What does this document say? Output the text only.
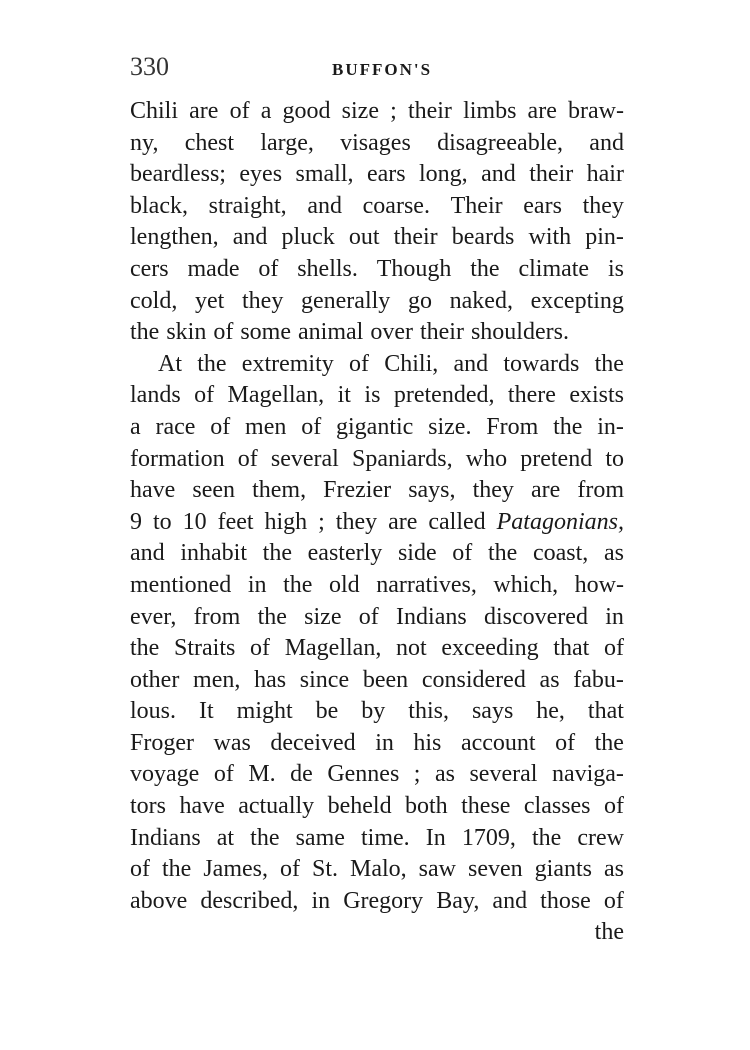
330	BUFFON'S
Chili are of a good size ; their limbs are braw-
ny, chest large, visages disagreeable, and
beardless; eyes small, ears long, and their hair
black, straight, and coarse. Their ears they
lengthen, and pluck out their beards with pin-
cers made of shells. Though the climate is
cold, yet they generally go naked, excepting
the skin of some animal over their shoulders.
At the extremity of Chili, and towards the
lands of Magellan, it is pretended, there exists
a race of men of gigantic size. From the in-
formation of several Spaniards, who pretend to
have seen them, Frezier says, they are from
9 to 10 feet high ; they are called Patagonians,
and inhabit the easterly side of the coast, as
mentioned in the old narratives, which, how-
ever, from the size of Indians discovered in
the Straits of Magellan, not exceeding that of
other men, has since been considered as fabu-
lous. It might be by this, says he, that
Froger was deceived in his account of the
voyage of M. de Gennes ; as several naviga-
tors have actually beheld both these classes of
Indians at the same time. In 1709, the crew
of the James, of St. Malo, saw seven giants as
above described, in Gregory Bay, and those of
the
